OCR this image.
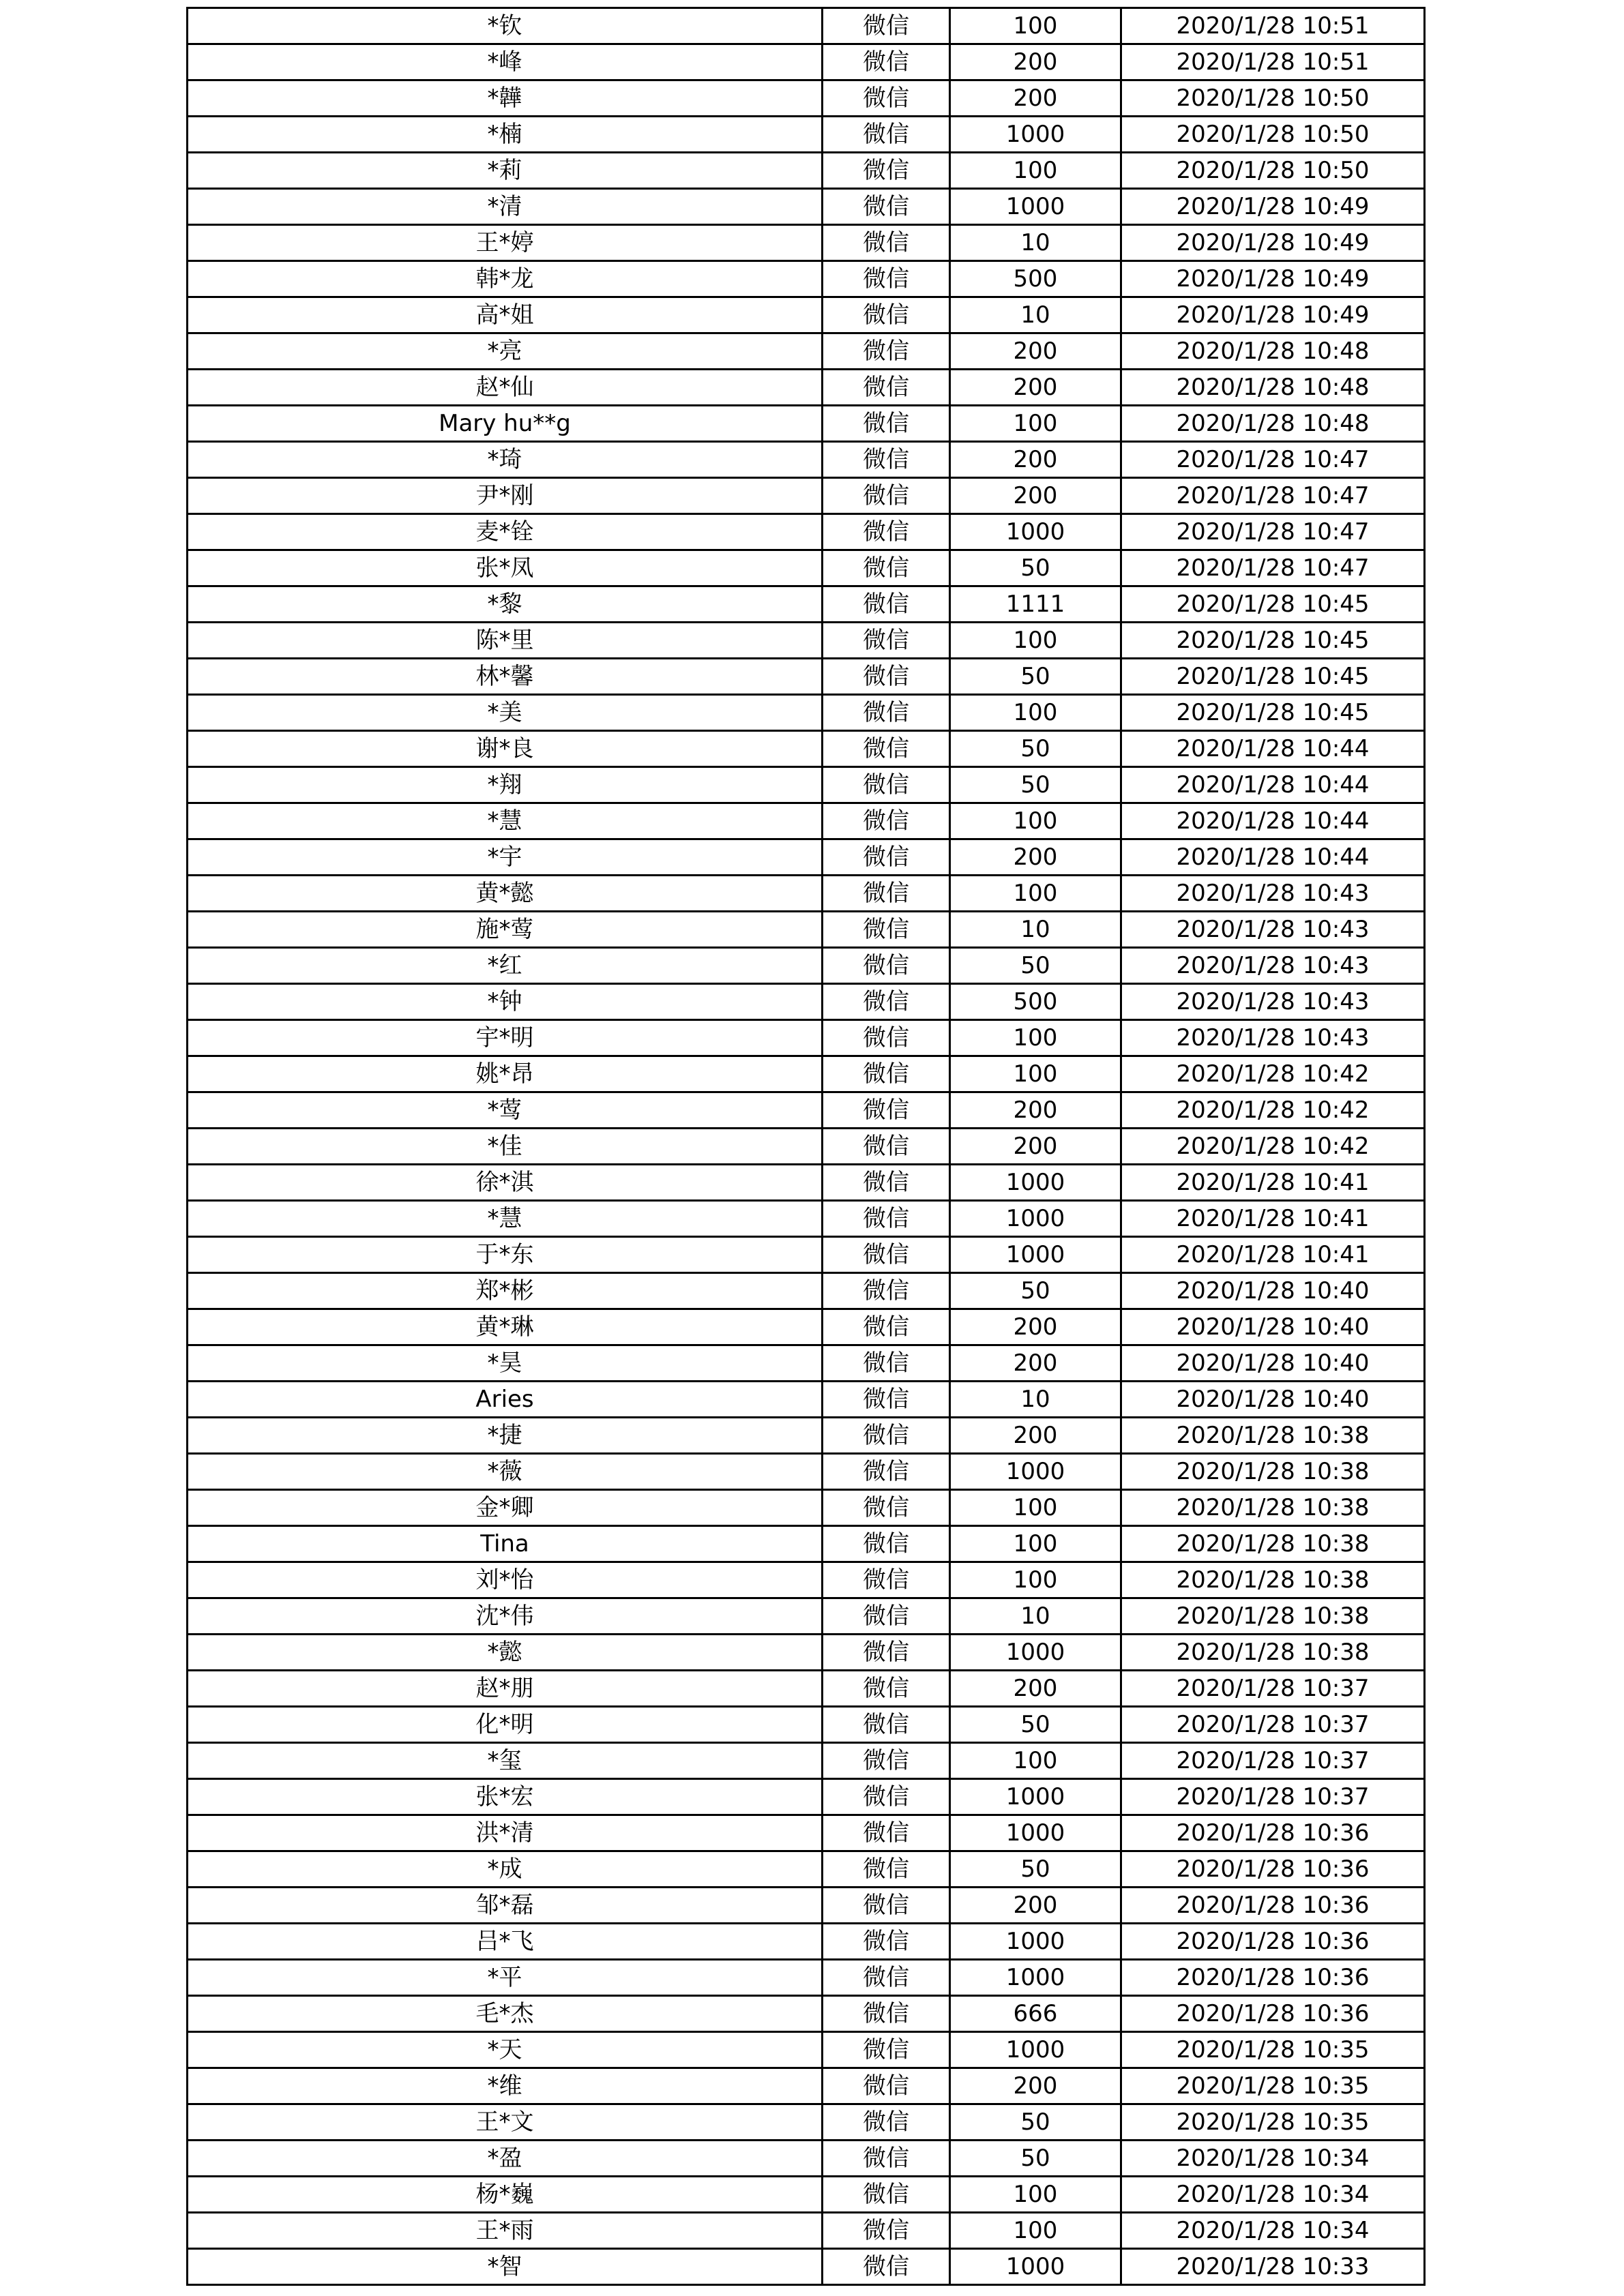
*钦	微信	100	2020/1/28 10:51
*峰	微信	200	2020/1/28 10:51
*韡	微信	200	2020/1/28 10:50
*楠	微信	1000	2020/1/28 10:50
*莉	微信	100	2020/1/28 10:50
*清	微信	1000	2020/1/28 10:49
王*婷	微信	10	2020/1/28 10:49
韩*龙	微信	500	2020/1/28 10:49
高*姐	微信	10	2020/1/28 10:49
*亮	微信	200	2020/1/28 10:48
赵*仙	微信	200	2020/1/28 10:48
Mary hu**g	微信	100	2020/1/28 10:48
*琦	微信	200	2020/1/28 10:47
尹*刚	微信	200	2020/1/28 10:47
麦*铨	微信	1000	2020/1/28 10:47
张*凤	微信	50	2020/1/28 10:47
*黎	微信	1111	2020/1/28 10:45
陈*里	微信	100	2020/1/28 10:45
林*馨	微信	50	2020/1/28 10:45
*美	微信	100	2020/1/28 10:45
谢*良	微信	50	2020/1/28 10:44
*翔	微信	50	2020/1/28 10:44
*慧	微信	100	2020/1/28 10:44
*宇	微信	200	2020/1/28 10:44
黄*懿	微信	100	2020/1/28 10:43
施*莺	微信	10	2020/1/28 10:43
*红	微信	50	2020/1/28 10:43
*钟	微信	500	2020/1/28 10:43
宇*明	微信	100	2020/1/28 10:43
姚*昂	微信	100	2020/1/28 10:42
*莺	微信	200	2020/1/28 10:42
*佳	微信	200	2020/1/28 10:42
徐*淇	微信	1000	2020/1/28 10:41
*慧	微信	1000	2020/1/28 10:41
于*东	微信	1000	2020/1/28 10:41
郑*彬	微信	50	2020/1/28 10:40
黄*琳	微信	200	2020/1/28 10:40
*昊	微信	200	2020/1/28 10:40
Aries	微信	10	2020/1/28 10:40
*捷	微信	200	2020/1/28 10:38
*薇	微信	1000	2020/1/28 10:38
金*卿	微信	100	2020/1/28 10:38
Tina	微信	100	2020/1/28 10:38
刘*怡	微信	100	2020/1/28 10:38
沈*伟	微信	10	2020/1/28 10:38
*懿	微信	1000	2020/1/28 10:38
赵*朋	微信	200	2020/1/28 10:37
化*明	微信	50	2020/1/28 10:37
*玺	微信	100	2020/1/28 10:37
张*宏	微信	1000	2020/1/28 10:37
洪*清	微信	1000	2020/1/28 10:36
*成	微信	50	2020/1/28 10:36
邹*磊	微信	200	2020/1/28 10:36
吕*飞	微信	1000	2020/1/28 10:36
*平	微信	1000	2020/1/28 10:36
毛*杰	微信	666	2020/1/28 10:36
*天	微信	1000	2020/1/28 10:35
*维	微信	200	2020/1/28 10:35
王*文	微信	50	2020/1/28 10:35
*盈	微信	50	2020/1/28 10:34
杨*巍	微信	100	2020/1/28 10:34
王*雨	微信	100	2020/1/28 10:34
*智	微信	1000	2020/1/28 10:33
